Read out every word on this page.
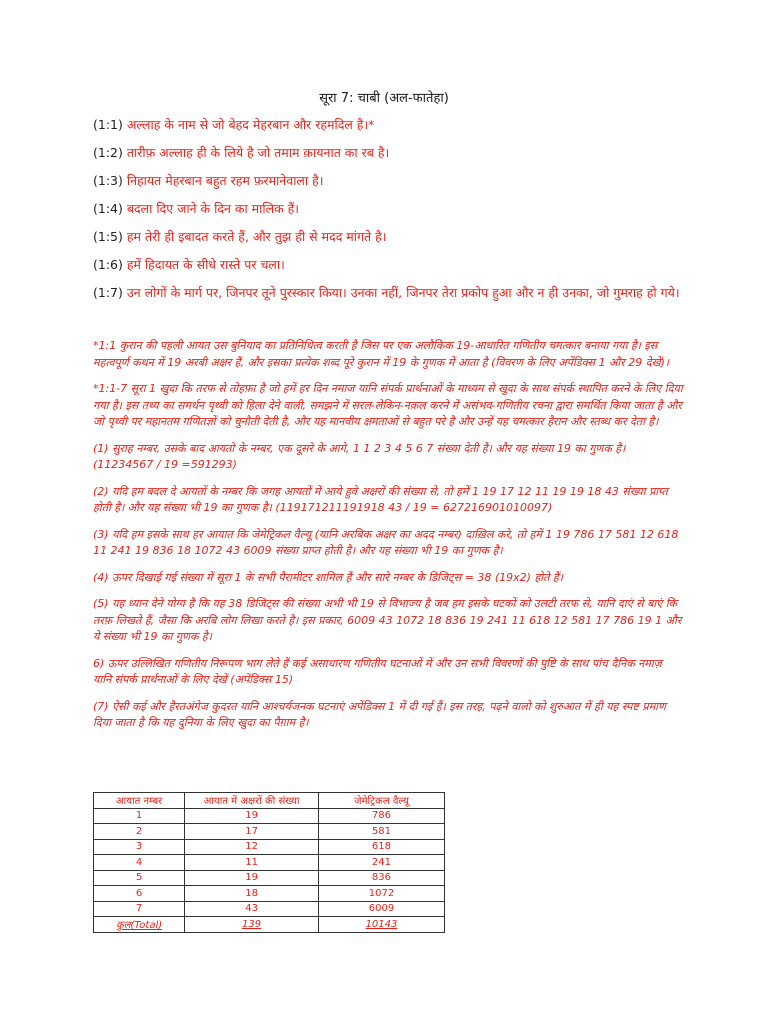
सूरा 7: चाबी (अल-फातेहा)

(1:1) अल्लाह के नाम से जो बेहद मेहरबान और रहमदिल है।*

(1:2) तारीफ़ अल्लाह ही के लिये है जो तमाम क़ायनात का रब है।

(1:3) निहायत मेहरबान बहुत रहम फ़रमानेवाला है।

(1:4) बदला दिए जाने के दिन का मालिक हैं।

(1:5) हम तेरी ही इबादत करते हैं, और तुझ ही से मदद मांगते है।

(1:6) हमें हिदायत के सीधे रास्ते पर चला।

(1:7) उन लोगों के मार्ग पर, जिनपर तूने पुरस्कार किया। उनका नहीं, जिनपर तेरा प्रकोप हुआ और न ही उनका, जो गुमराह हो गये।

*1:1 कुरान की पहली आयत उस बुनियाद का प्रतिनिधित्व करती है जिस पर एक अलौकिक 19-आधारित गणितीय चमत्कार बनाया गया है। इस महत्वपूर्ण कथन में 19 अरबी अक्षर हैं, और इसका प्रत्येक शब्द पूरे कुरान में 19 के गुणक में आता है (विवरण के लिए अपेंडिक्स 1 और 29 देखें)।

*1:1-7 सूरा 1 खुदा कि तरफ से तोहफ़ा है जो हमें हर दिन नमाज यानि संपर्क प्रार्थनाओं के माध्यम से खुदा के साथ संपर्क स्थापित करने के लिए दिया गया है। इस तथ्य का समर्थन पृथ्वी को हिला देने वाली, समझने में सरल-लेकिन-नक़ल करने में असंभव-गणितीय रचना द्वारा समर्थित किया जाता है और जो पृथ्वी पर महानतम गणितज्ञों को चुनौती देती है, और यह मानवीय क्षमताओं से बहुत परे है और उन्हें यह चमत्कार हैरान और स्तब्ध कर देता है।

(1) सुराह नम्बर, उसके बाद आयतो के नम्बर, एक दूसरे के आगे, 1 1 2 3 4 5 6 7 संख्या देती है। और यह संख्या 19 का गुणक है। (11234567 / 19 =591293)

(2) यदि हम बदल दे आयतों के नम्बर कि जगह आयतों में आये हुवे अक्षरों की संख्या से, तो हमें 1 19 17 12 11 19 19 18 43 संख्या प्राप्त होती है। और यह संख्या भी 19 का गुणक है। (119171211191918 43 / 19 = 627216901010097)

(3) यदि हम इसके साथ हर आयात कि जेमेट्रिकल वैल्यू (यानि अरबिक अक्षर का अदद नम्बर) दाख़िल करे, तो हमें 1 19 786 17 581 12 618 11 241 19 836 18 1072 43 6009 संख्या प्राप्त होती है। और यह संख्या भी 19 का गुणक है।

(4) ऊपर दिखाई गई संख्या में सूरा 1 के सभी पैरामीटर शामिल हैं और सारे नम्बर के डिजिट्स = 38 (19x2) होते हैं।

(5) यह ध्यान देने योग्य है कि यह 38 डिजिट्स की संख्या अभी भी 19 से विभाज्य है जब हम इसके घटकों को उलटी तरफ से, यानि दाएं से बाएं कि तरफ़ लिखते हैं, जैसा कि अरबि लोग लिखा करते है। इस प्रकार, 6009 43 1072 18 836 19 241 11 618 12 581 17 786 19 1 और ये संख्या भी 19 का गुणक है।

6) ऊपर उल्लिखित गणितीय निरूपण भाग लेते हैं कई असाधारण गणितीय घटनाओं में और उन सभी विवरणों की पुष्टि के साथ पांच दैनिक नमाज़ यानि संपर्क प्रार्थनाओं के लिए देखें (अपेंडिक्स 15)

(7) ऐसी कई और हैरतअंगेज कुदरत यानि आश्चर्यजनक घटनाएं अपेंडिक्स 1 में दी गई हैं। इस तरह, पढ़ने वालो को शुरुआत में ही यह स्पष्ट प्रमाण दिया जाता है कि यह दुनिया के लिए खुदा का पैग़ाम है।

आयात नम्बर	आयात में अक्षरों की संख्या	जेमेट्रिकल वैल्यू
1	19	786
2	17	581
3	12	618
4	11	241
5	19	836
6	18	1072
7	43	6009
कुल(Total)	139	10143
